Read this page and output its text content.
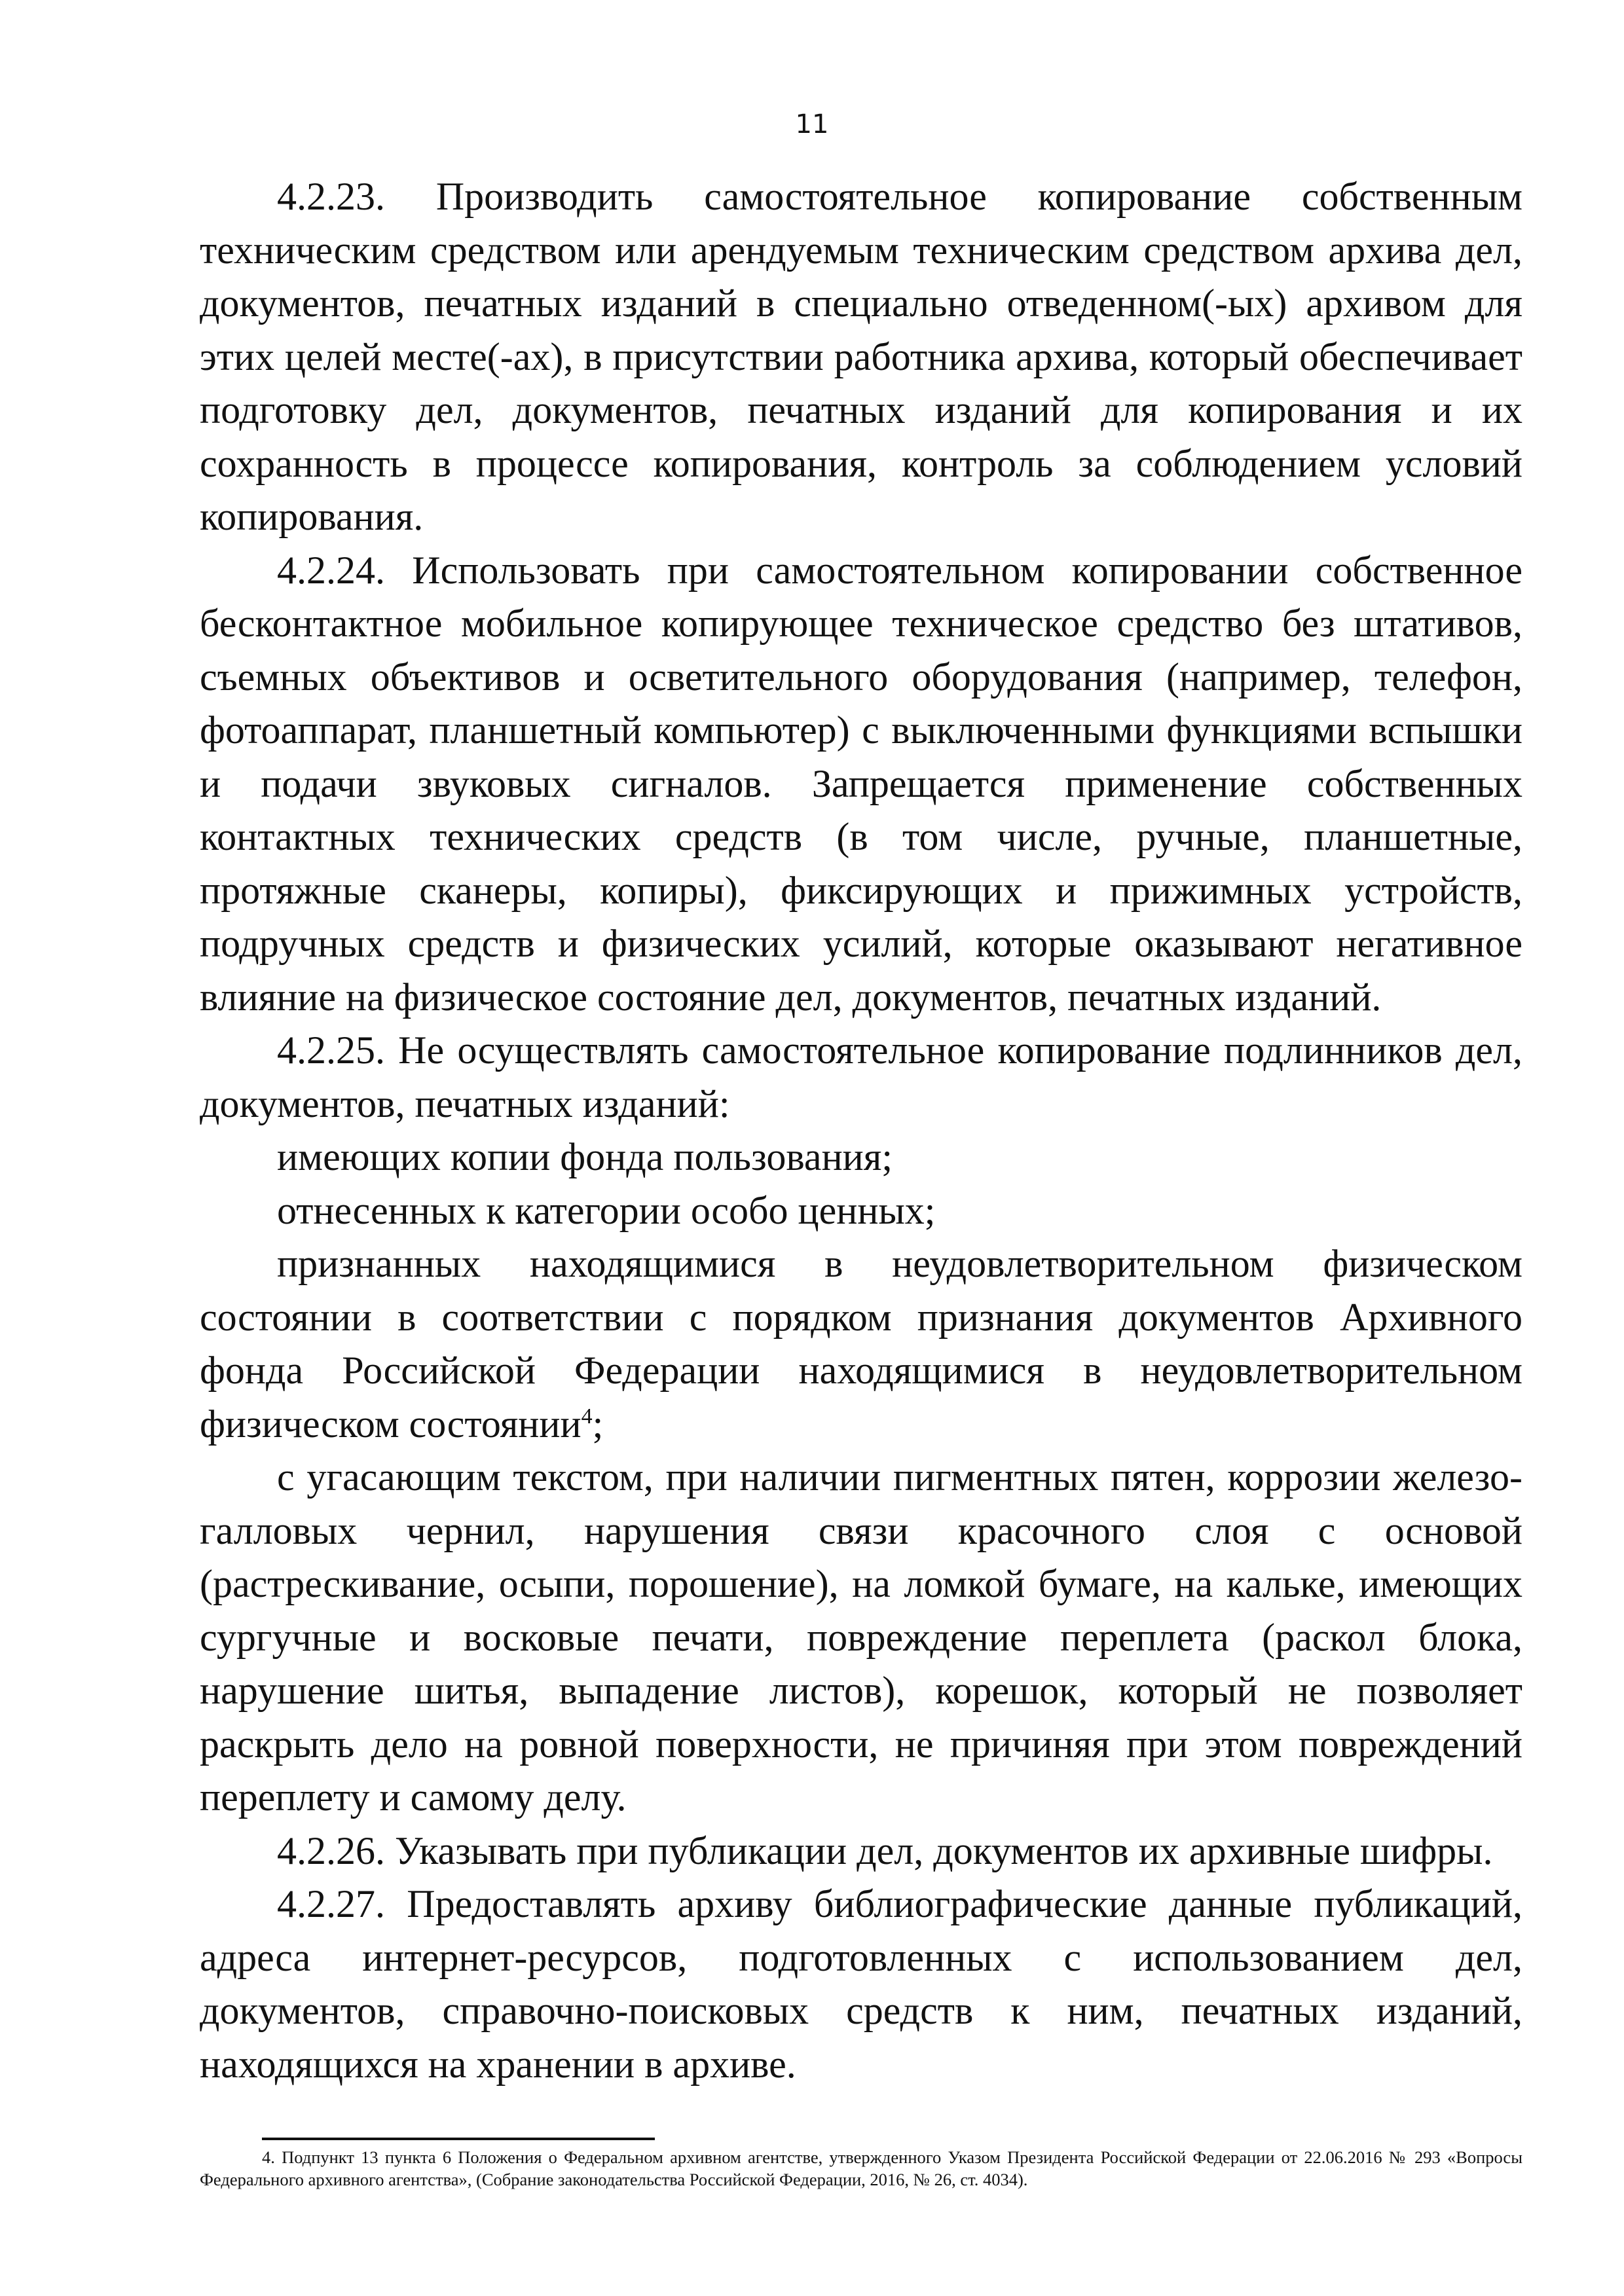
11

4.2.23. Производить самостоятельное копирование собственным техническим средством или арендуемым техническим средством архива дел, документов, печатных изданий в специально отведенном(-ых) архивом для этих целей месте(-ах), в присутствии работника архива, который обеспечивает подготовку дел, документов, печатных изданий для копирования и их сохранность в процессе копирования, контроль за соблюдением условий копирования.

4.2.24. Использовать при самостоятельном копировании собственное бесконтактное мобильное копирующее техническое средство без штативов, съемных объективов и осветительного оборудования (например, телефон, фотоаппарат, планшетный компьютер) с выключенными функциями вспышки и подачи звуковых сигналов. Запрещается применение собственных контактных технических средств (в том числе, ручные, планшетные, протяжные сканеры, копиры), фиксирующих и прижимных устройств, подручных средств и физических усилий, которые оказывают негативное влияние на физическое состояние дел, документов, печатных изданий.

4.2.25. Не осуществлять самостоятельное копирование подлинников дел, документов, печатных изданий:

имеющих копии фонда пользования;

отнесенных к категории особо ценных;

признанных находящимися в неудовлетворительном физическом состоянии в соответствии с порядком признания документов Архивного фонда Российской Федерации находящимися в неудовлетворительном физическом состоянии$^4$;

с угасающим текстом, при наличии пигментных пятен, коррозии железо-галловых чернил, нарушения связи красочного слоя с основой (растрескивание, осыпи, порошение), на ломкой бумаге, на кальке, имеющих сургучные и восковые печати, повреждение переплета (раскол блока, нарушение шитья, выпадение листов), корешок, который не позволяет раскрыть дело на ровной поверхности, не причиняя при этом повреждений переплету и самому делу.

4.2.26. Указывать при публикации дел, документов их архивные шифры.

4.2.27. Предоставлять архиву библиографические данные публикаций, адреса интернет-ресурсов, подготовленных с использованием дел, документов, справочно-поисковых средств к ним, печатных изданий, находящихся на хранении в архиве.

4. Подпункт 13 пункта 6 Положения о Федеральном архивном агентстве, утвержденного Указом Президента Российской Федерации от 22.06.2016 № 293 «Вопросы Федерального архивного агентства», (Собрание законодательства Российской Федерации, 2016, № 26, ст. 4034).
